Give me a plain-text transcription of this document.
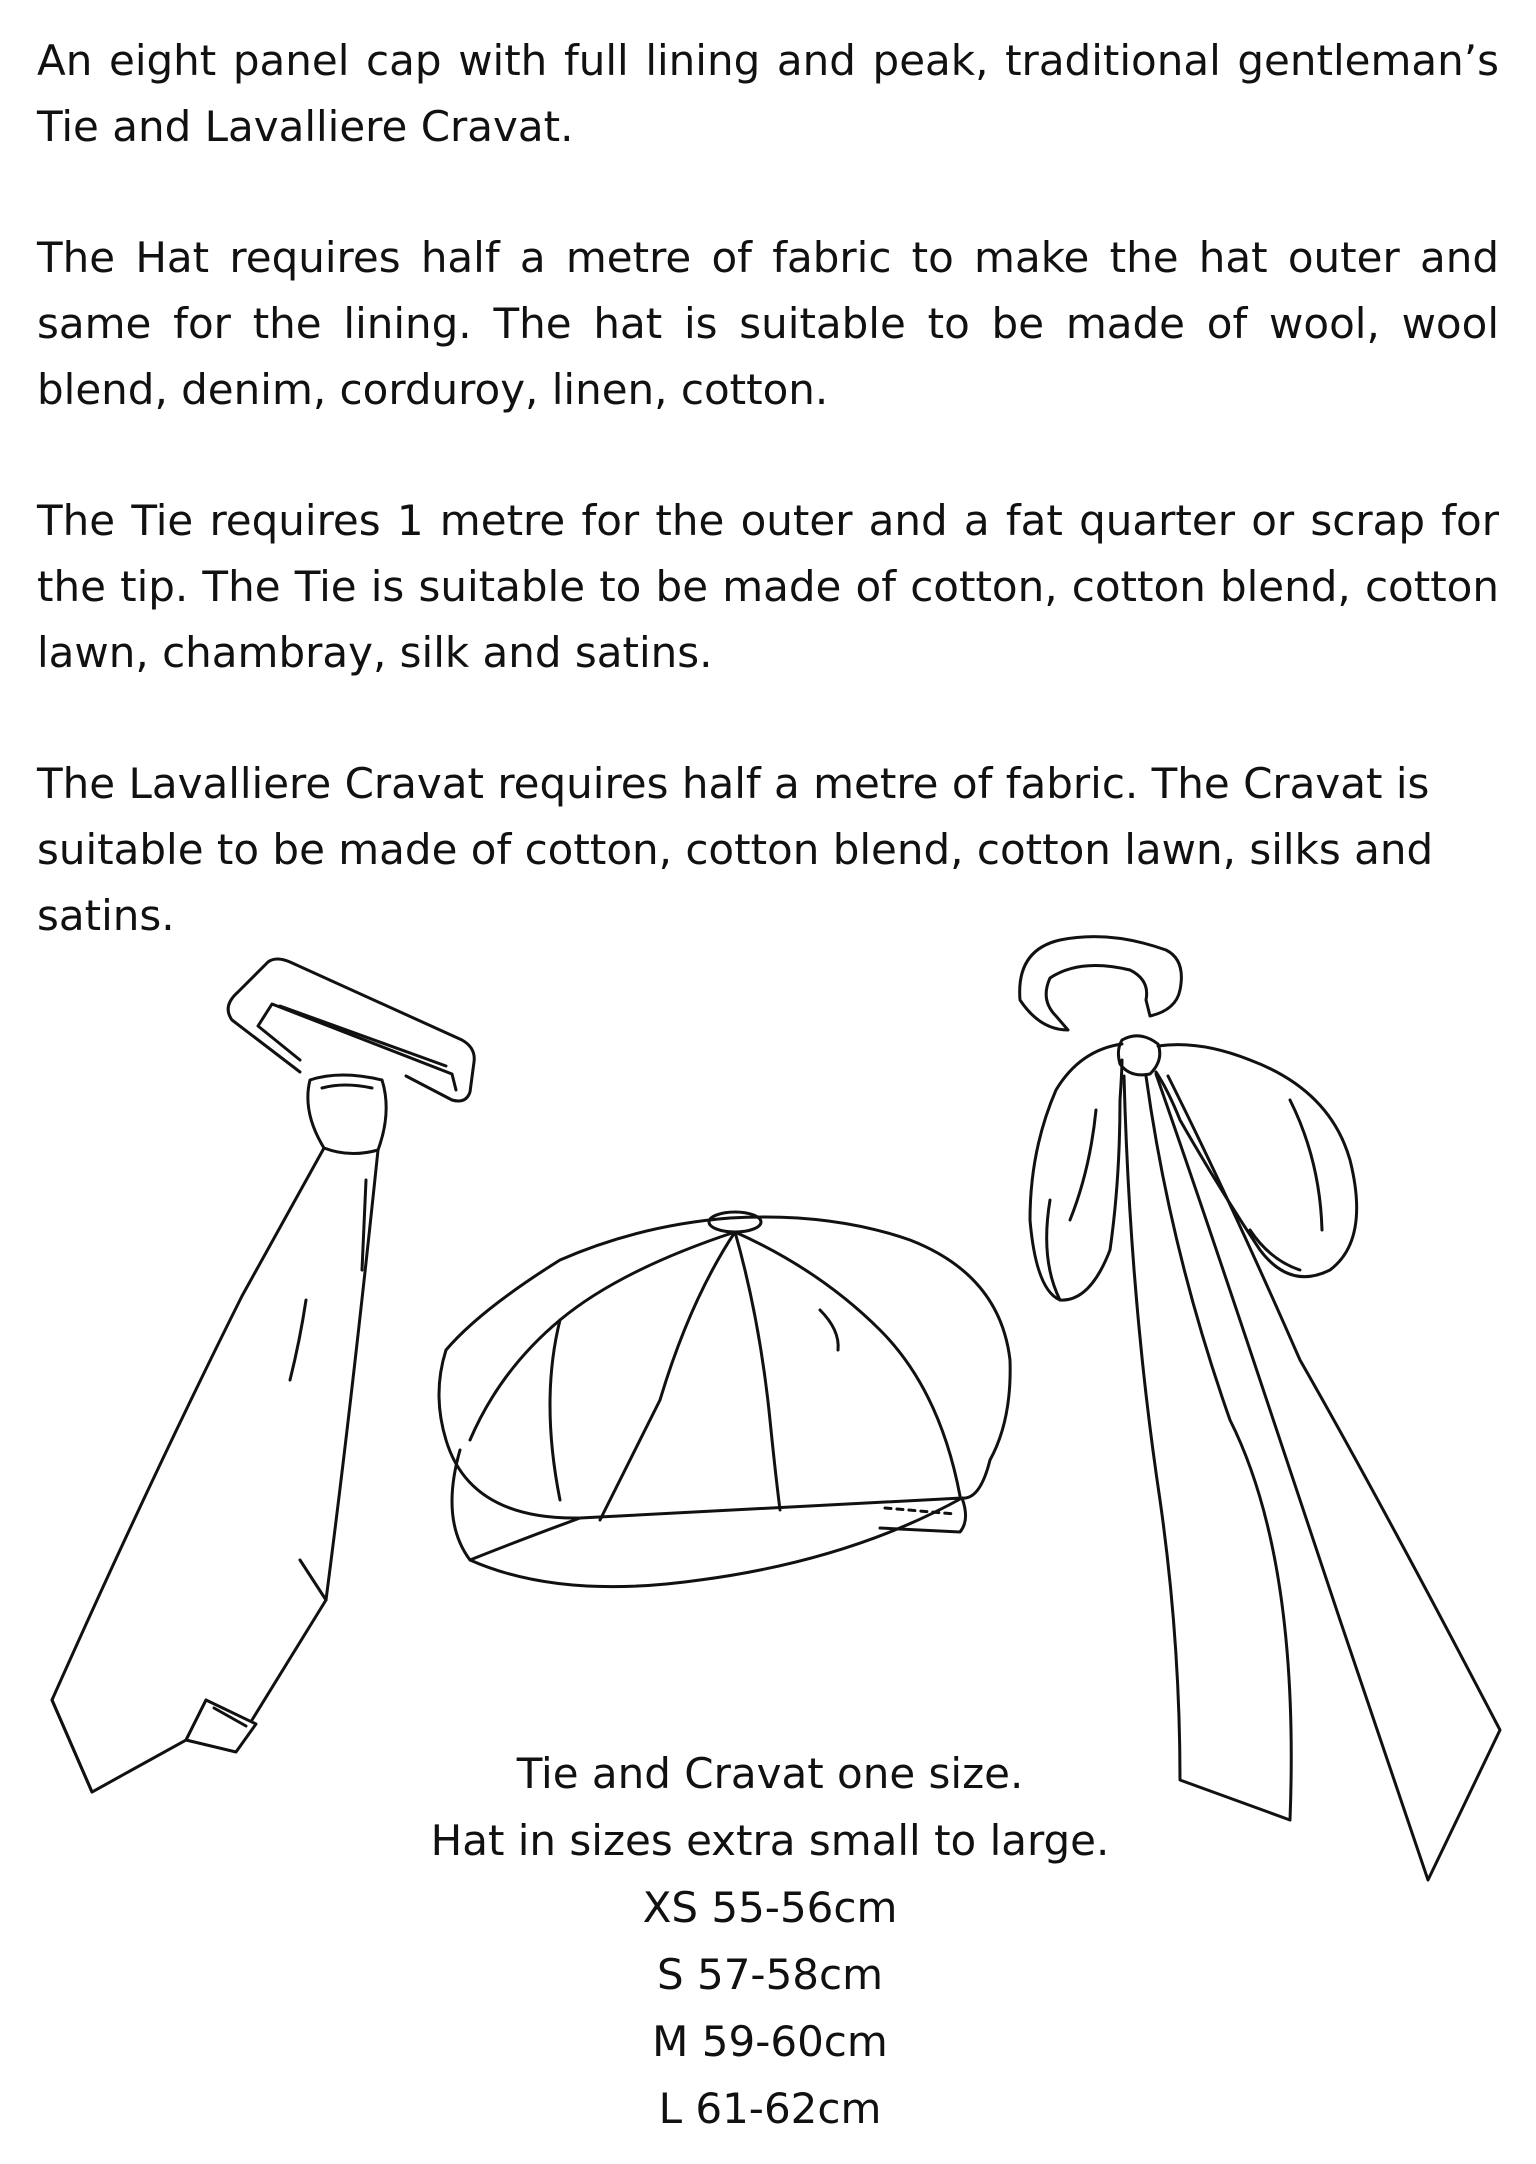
An eight panel cap with full lining and peak, traditional gentleman’s Tie and Lavalliere Cravat.

The Hat requires half a metre of fabric to make the hat outer and same for the lining. The hat is suitable to be made of wool, wool blend, denim, corduroy, linen, cotton.

The Tie requires 1 metre for the outer and a fat quarter or scrap for the tip. The Tie is suitable to be made of cotton, cotton blend, cotton lawn, chambray, silk and satins.

The Lavalliere Cravat requires half a metre of fabric. The Cravat is suitable to be made of cotton, cotton blend, cotton lawn, silks and satins.

Tie and Cravat one size.
Hat in sizes extra small to large.
XS 55-56cm
S 57-58cm
M 59-60cm
L 61-62cm
